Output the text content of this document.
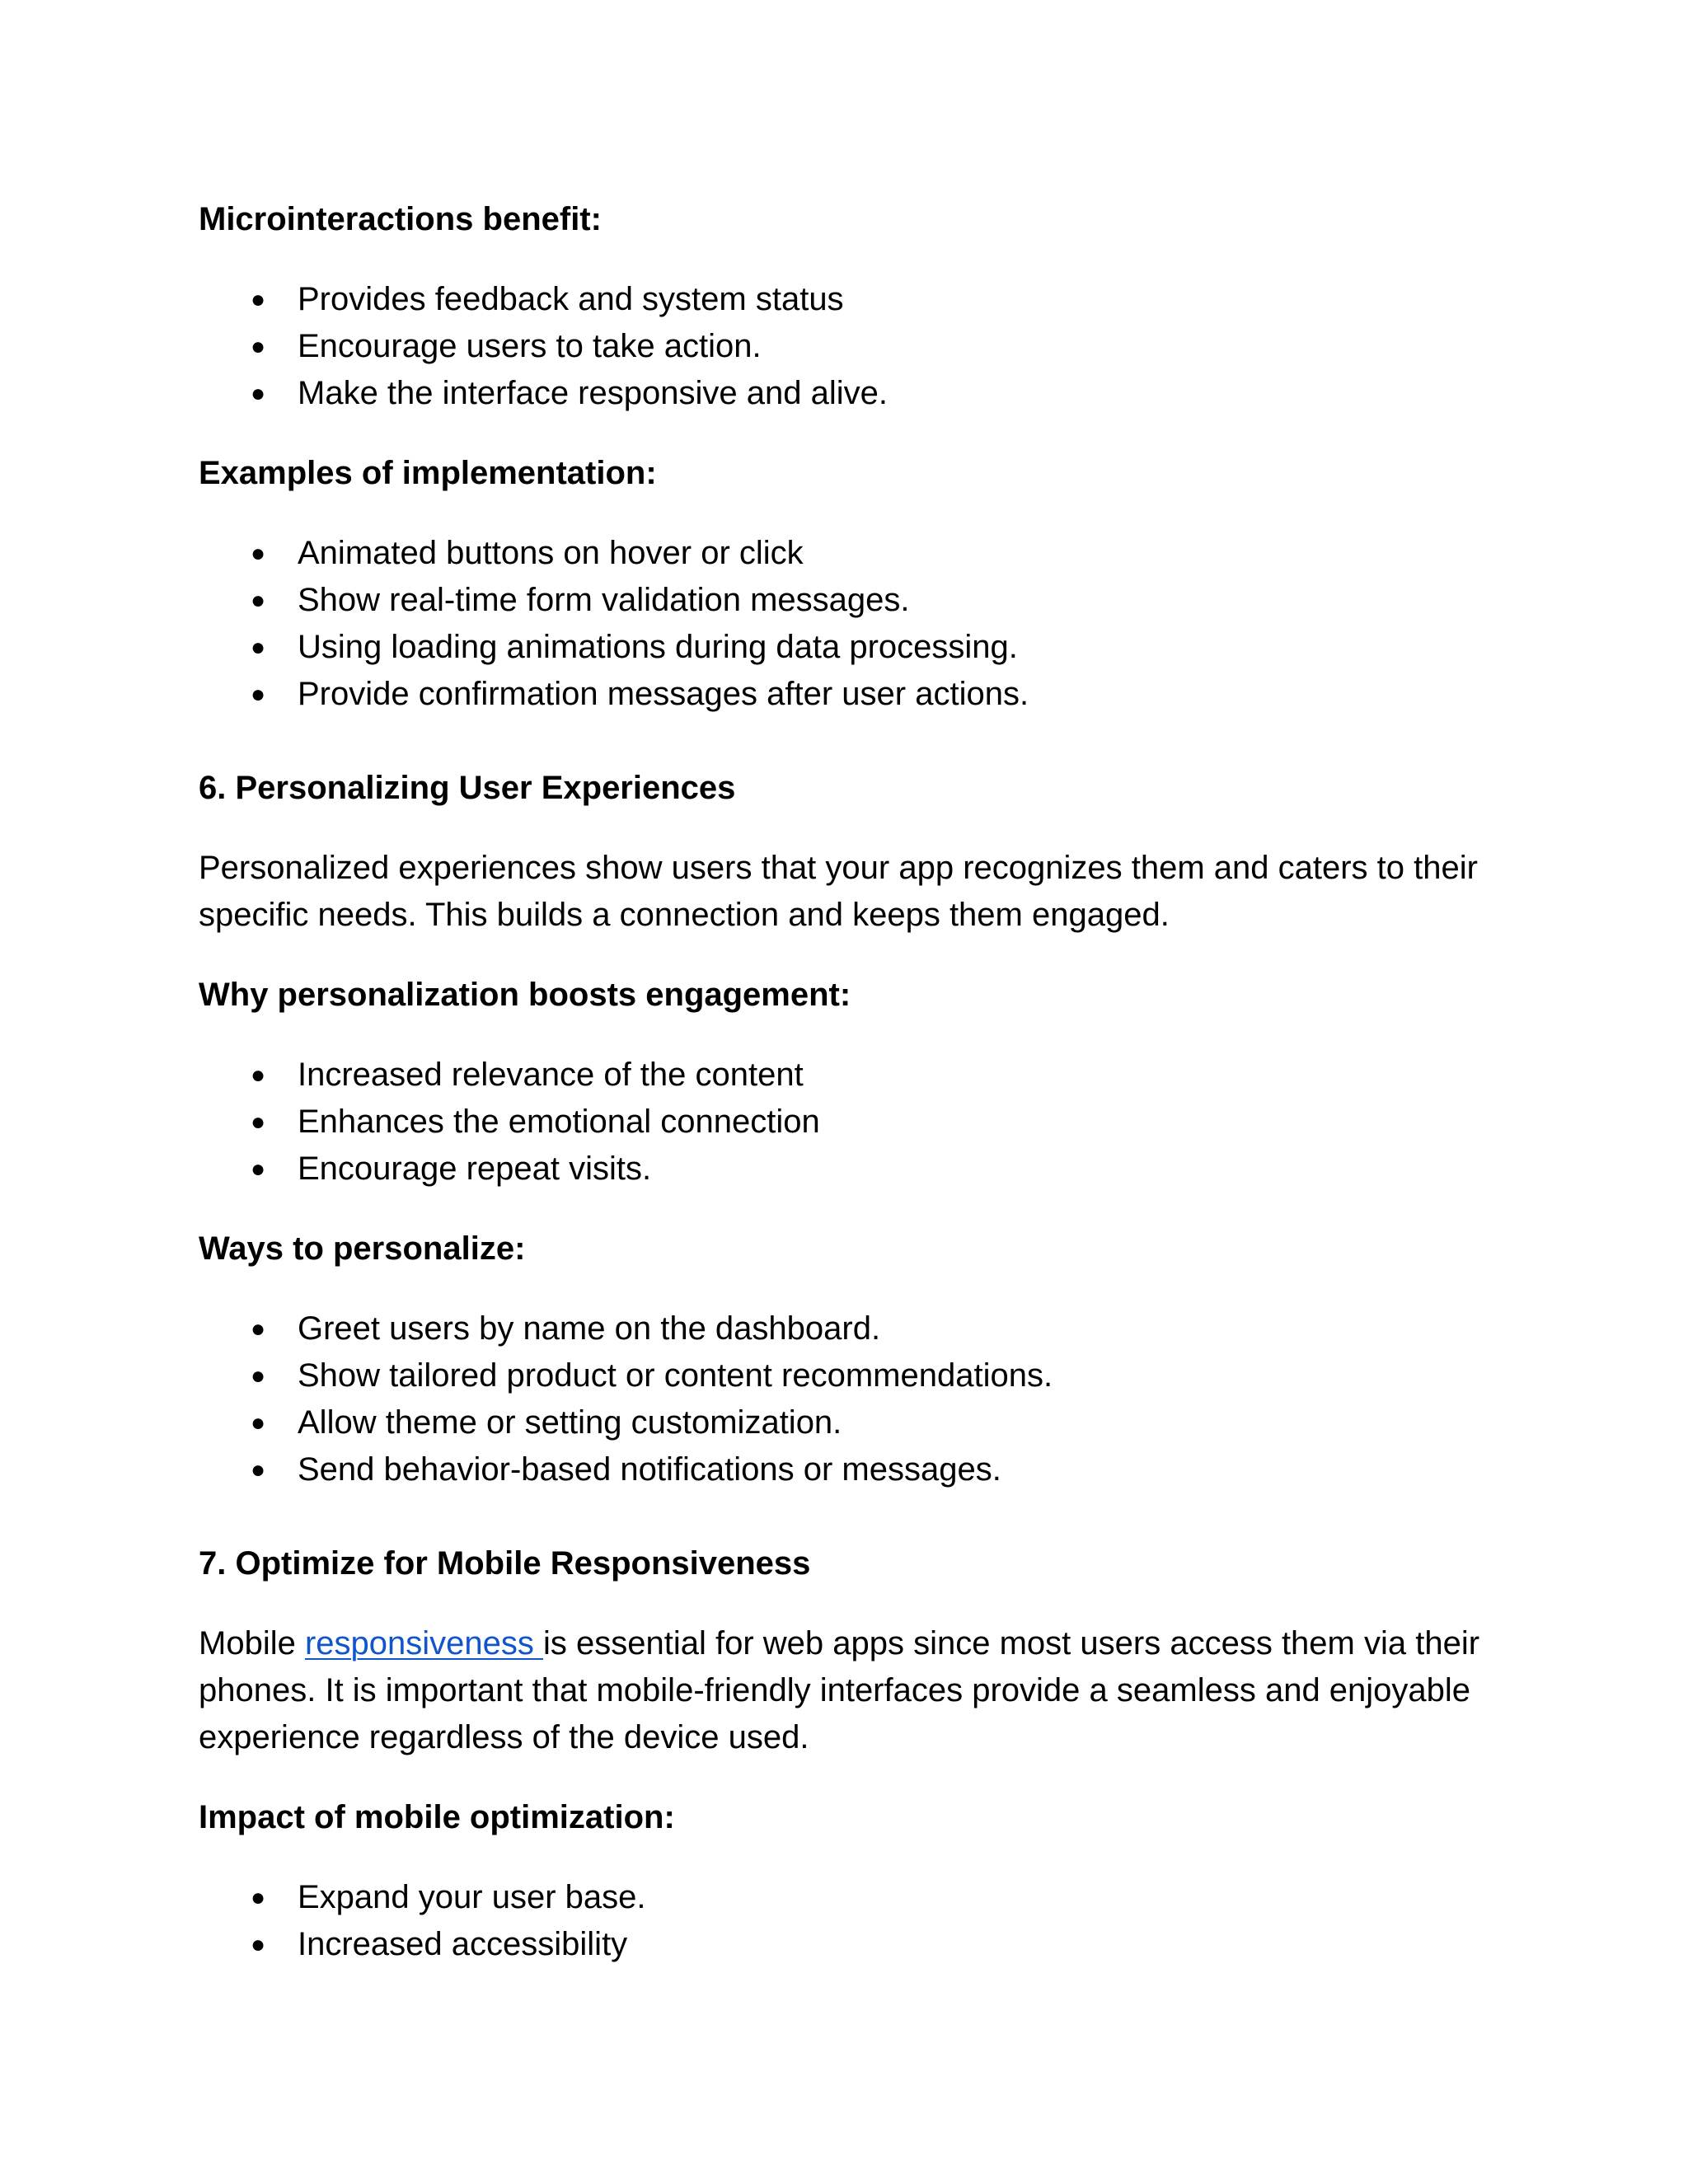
Microinteractions benefit:

● Provides feedback and system status
● Encourage users to take action.
● Make the interface responsive and alive.

Examples of implementation:

● Animated buttons on hover or click
● Show real-time form validation messages.
● Using loading animations during data processing.
● Provide confirmation messages after user actions.

6. Personalizing User Experiences

Personalized experiences show users that your app recognizes them and caters to their specific needs. This builds a connection and keeps them engaged.

Why personalization boosts engagement:

● Increased relevance of the content
● Enhances the emotional connection
● Encourage repeat visits.

Ways to personalize:

● Greet users by name on the dashboard.
● Show tailored product or content recommendations.
● Allow theme or setting customization.
● Send behavior-based notifications or messages.

7. Optimize for Mobile Responsiveness

Mobile responsiveness is essential for web apps since most users access them via their phones. It is important that mobile-friendly interfaces provide a seamless and enjoyable experience regardless of the device used.

Impact of mobile optimization:

● Expand your user base.
● Increased accessibility
